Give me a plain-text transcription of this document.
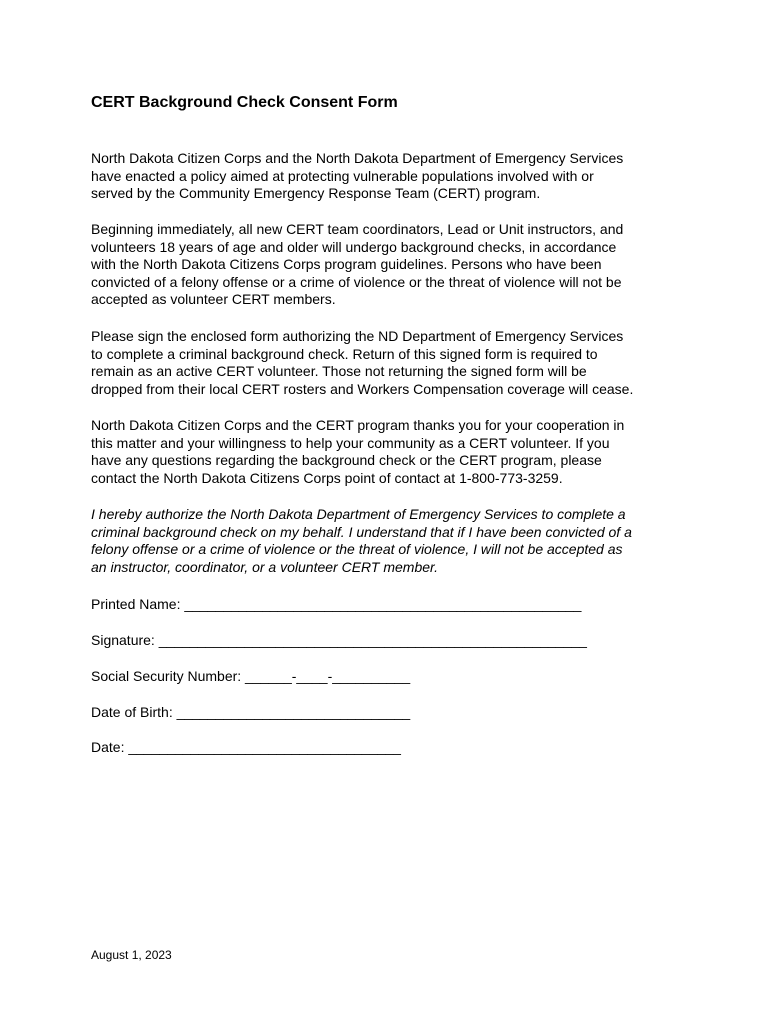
CERT Background Check Consent Form

North Dakota Citizen Corps and the North Dakota Department of Emergency Services
have enacted a policy aimed at protecting vulnerable populations involved with or
served by the Community Emergency Response Team (CERT) program.

Beginning immediately, all new CERT team coordinators, Lead or Unit instructors, and
volunteers 18 years of age and older will undergo background checks, in accordance
with the North Dakota Citizens Corps program guidelines. Persons who have been
convicted of a felony offense or a crime of violence or the threat of violence will not be
accepted as volunteer CERT members.

Please sign the enclosed form authorizing the ND Department of Emergency Services
to complete a criminal background check. Return of this signed form is required to
remain as an active CERT volunteer. Those not returning the signed form will be
dropped from their local CERT rosters and Workers Compensation coverage will cease.

North Dakota Citizen Corps and the CERT program thanks you for your cooperation in
this matter and your willingness to help your community as a CERT volunteer. If you
have any questions regarding the background check or the CERT program, please
contact the North Dakota Citizens Corps point of contact at 1-800-773-3259.

I hereby authorize the North Dakota Department of Emergency Services to complete a
criminal background check on my behalf. I understand that if I have been convicted of a
felony offense or a crime of violence or the threat of violence, I will not be accepted as
an instructor, coordinator, or a volunteer CERT member.

Printed Name: ___________________________________________________
Signature: _______________________________________________________
Social Security Number: ______-____-__________
Date of Birth: ______________________________
Date: ___________________________________
August 1, 2023
